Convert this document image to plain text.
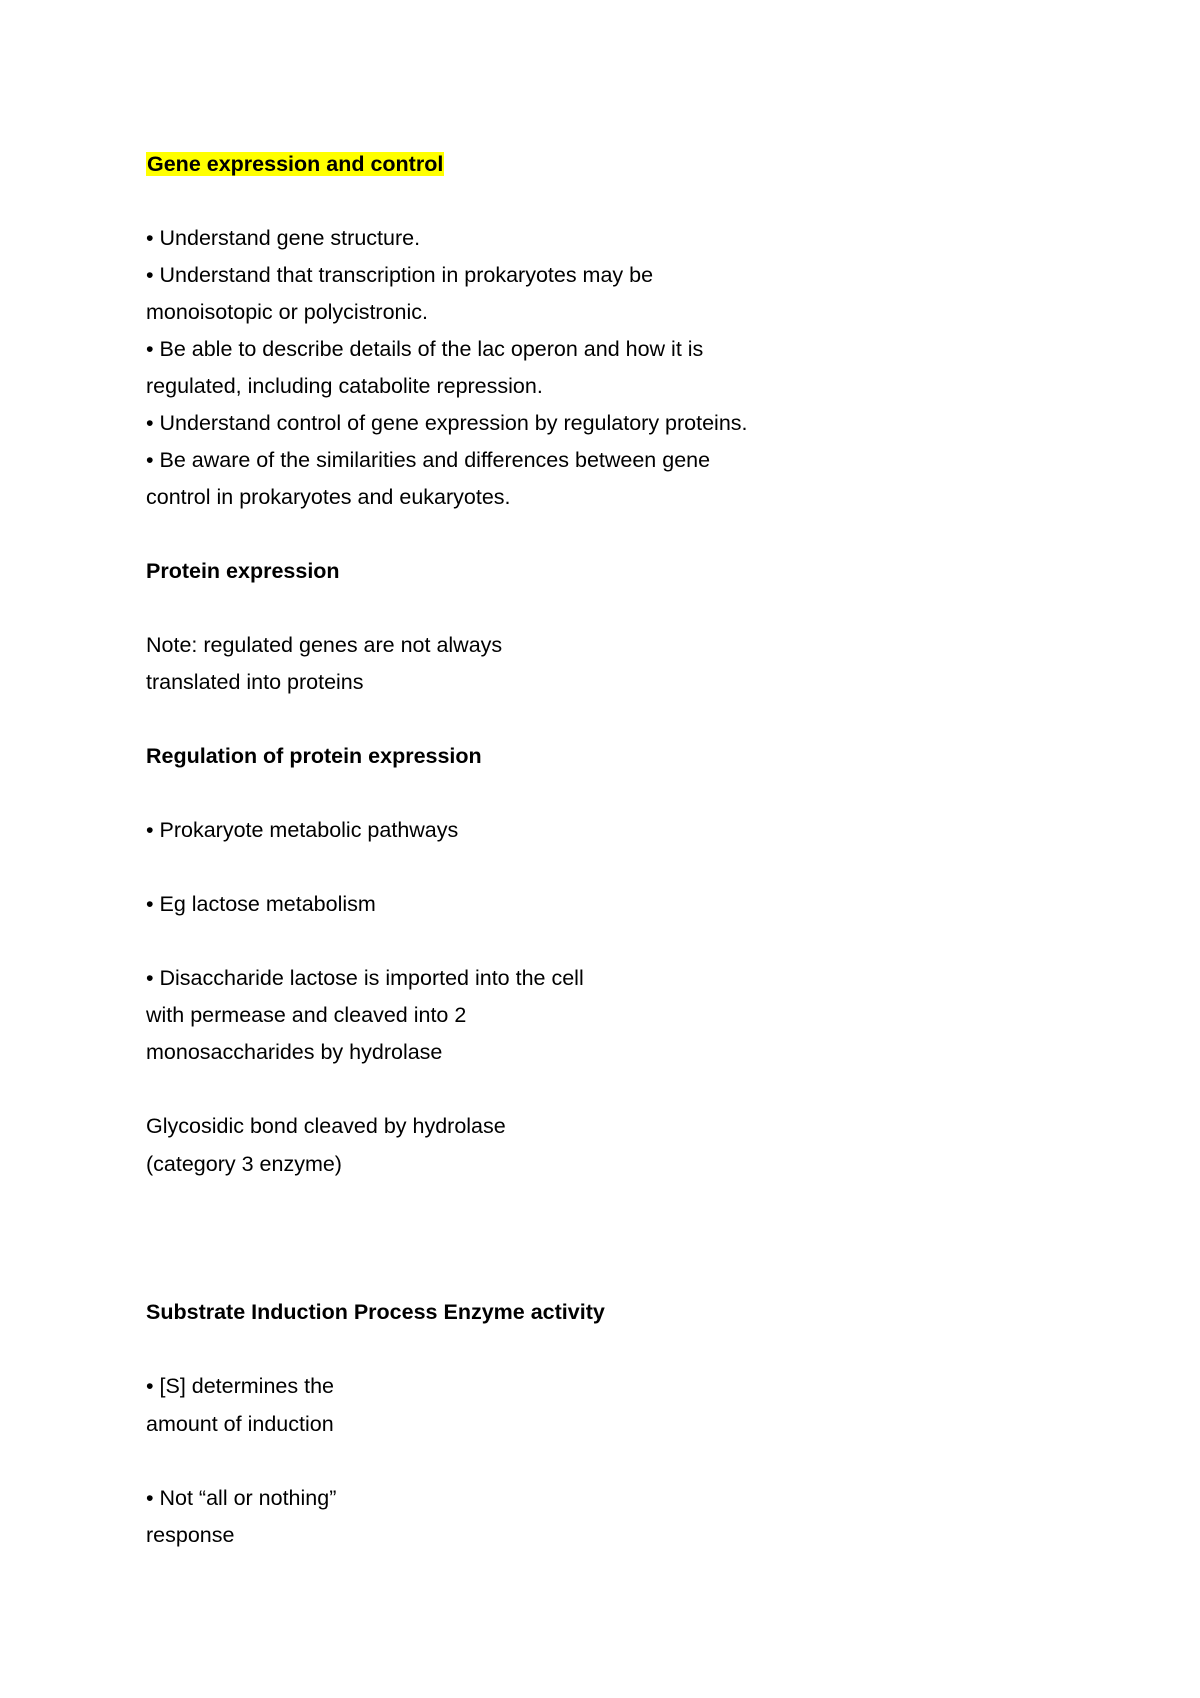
Gene expression and control
• Understand gene structure.
• Understand that transcription in prokaryotes may be
monoisotopic or polycistronic.
• Be able to describe details of the lac operon and how it is
regulated, including catabolite repression.
• Understand control of gene expression by regulatory proteins.
• Be aware of the similarities and differences between gene
control in prokaryotes and eukaryotes.
Protein expression
Note: regulated genes are not always
translated into proteins
Regulation of protein expression
• Prokaryote metabolic pathways
• Eg lactose metabolism
• Disaccharide lactose is imported into the cell
with permease and cleaved into 2
monosaccharides by hydrolase
Glycosidic bond cleaved by hydrolase
(category 3 enzyme)
Substrate Induction Process Enzyme activity
• [S] determines the
amount of induction
• Not “all or nothing”
response
